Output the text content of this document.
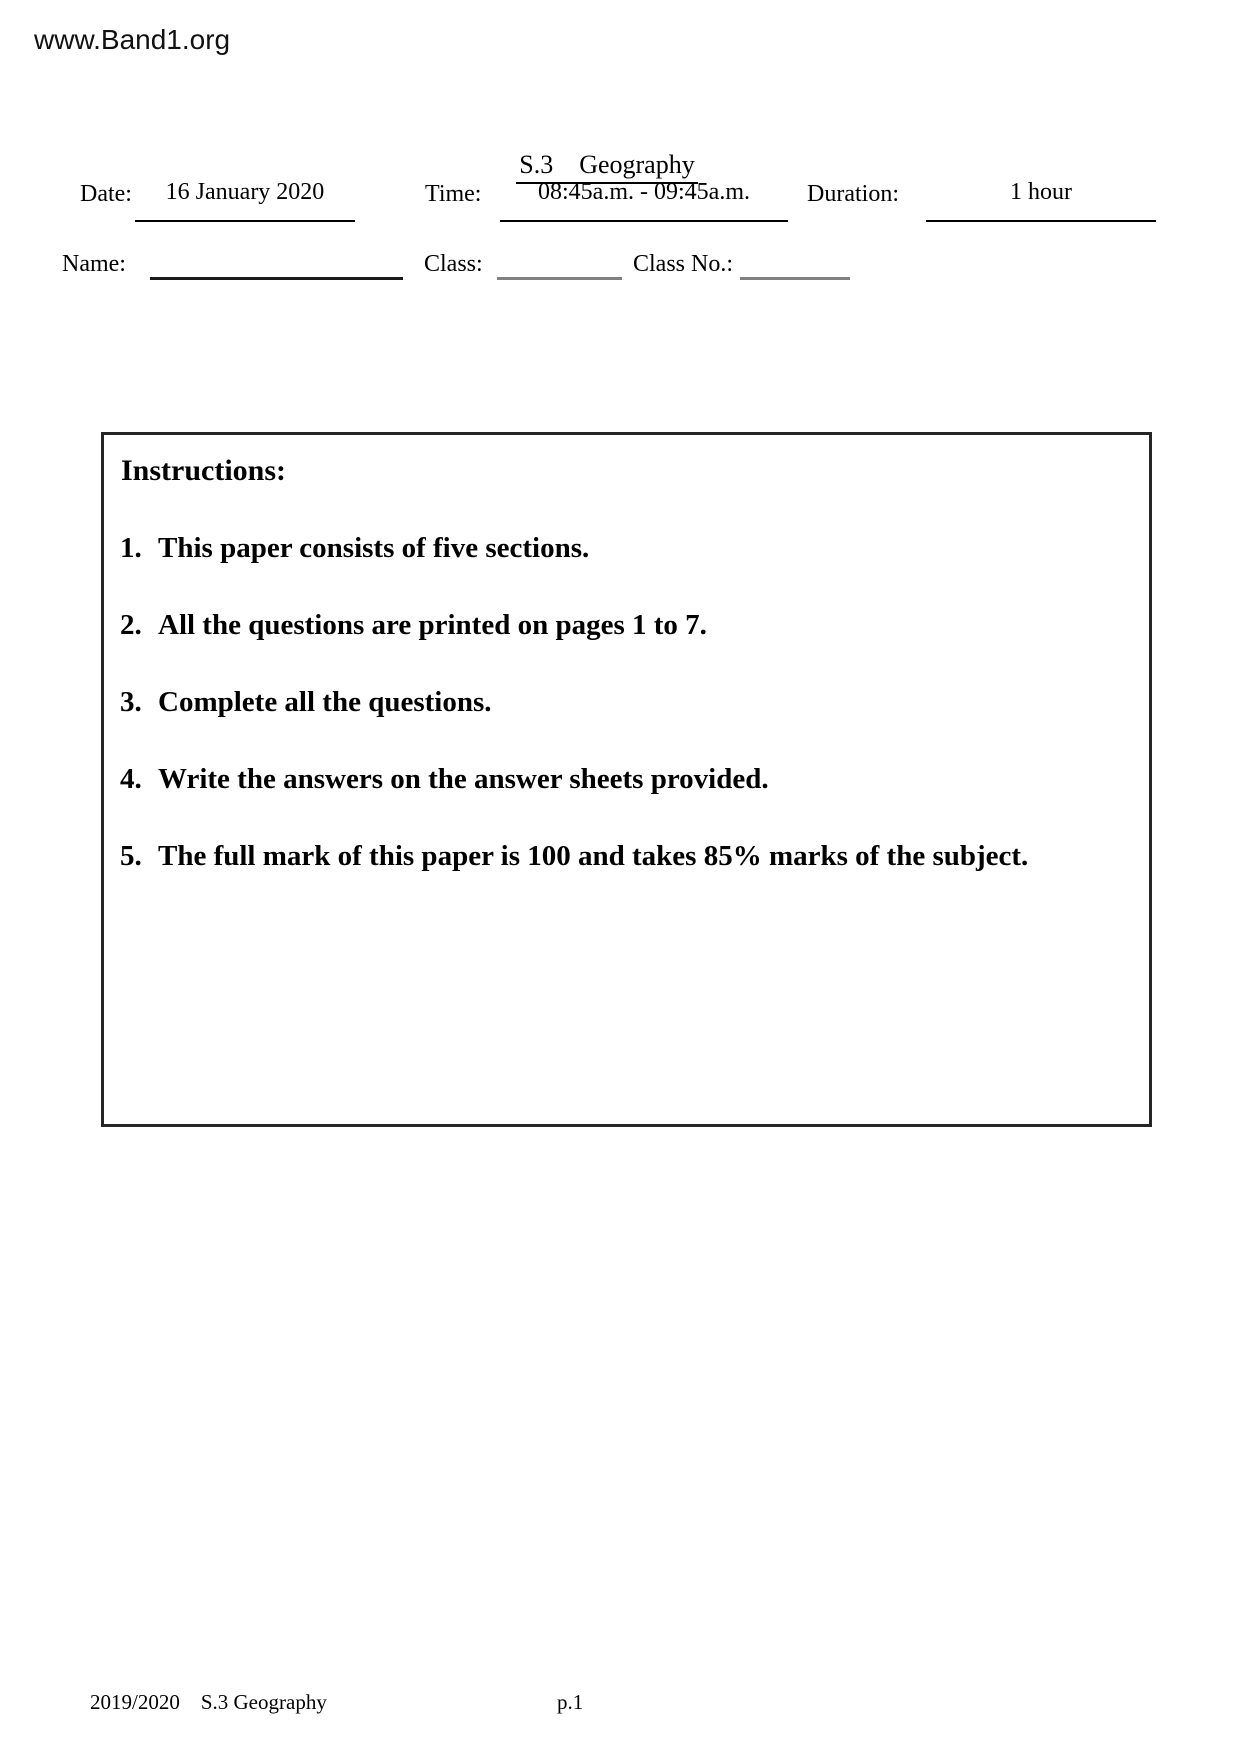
www.Band1.org
S.3    Geography
Date:	16 January 2020	Time:	08:45a.m. - 09:45a.m.	Duration:	1 hour
Name:	Class:	Class No.:
Instructions:
1. This paper consists of five sections.
2. All the questions are printed on pages 1 to 7.
3. Complete all the questions.
4. Write the answers on the answer sheets provided.
5. The full mark of this paper is 100 and takes 85% marks of the subject.
2019/2020    S.3 Geography	p.1
